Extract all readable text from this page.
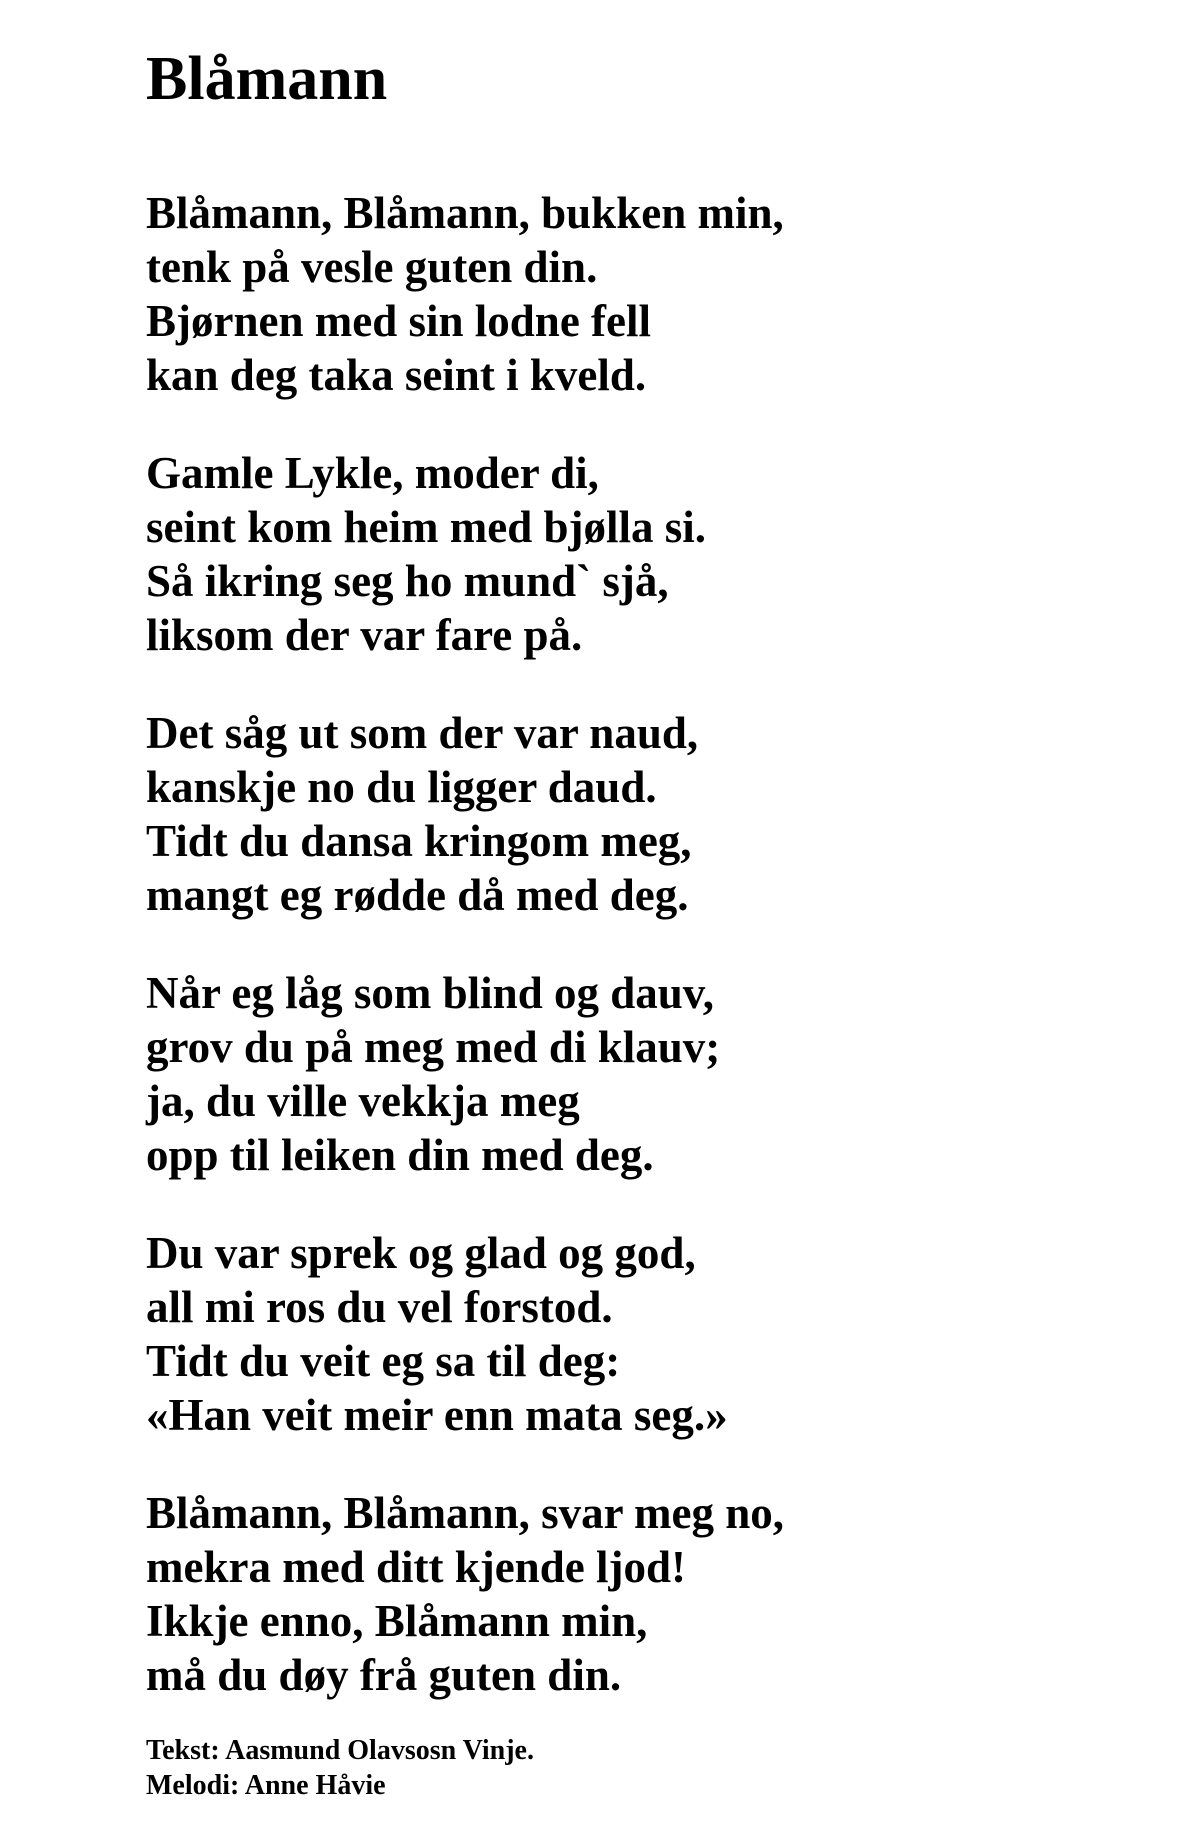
Blåmann
Blåmann, Blåmann, bukken min,
tenk på vesle guten din.
Bjørnen med sin lodne fell
kan deg taka seint i kveld.
Gamle Lykle, moder di,
seint kom heim med bjølla si.
Så ikring seg ho mund` sjå,
liksom der var fare på.
Det såg ut som der var naud,
kanskje no du ligger daud.
Tidt du dansa kringom meg,
mangt eg rødde då med deg.
Når eg låg som blind og dauv,
grov du på meg med di klauv;
ja, du ville vekkja meg
opp til leiken din med deg.
Du var sprek og glad og god,
all mi ros du vel forstod.
Tidt du veit eg sa til deg:
«Han veit meir enn mata seg.»
Blåmann, Blåmann, svar meg no,
mekra med ditt kjende ljod!
Ikkje enno, Blåmann min,
må du døy frå guten din.
Tekst: Aasmund Olavsosn Vinje.
Melodi: Anne Håvie
